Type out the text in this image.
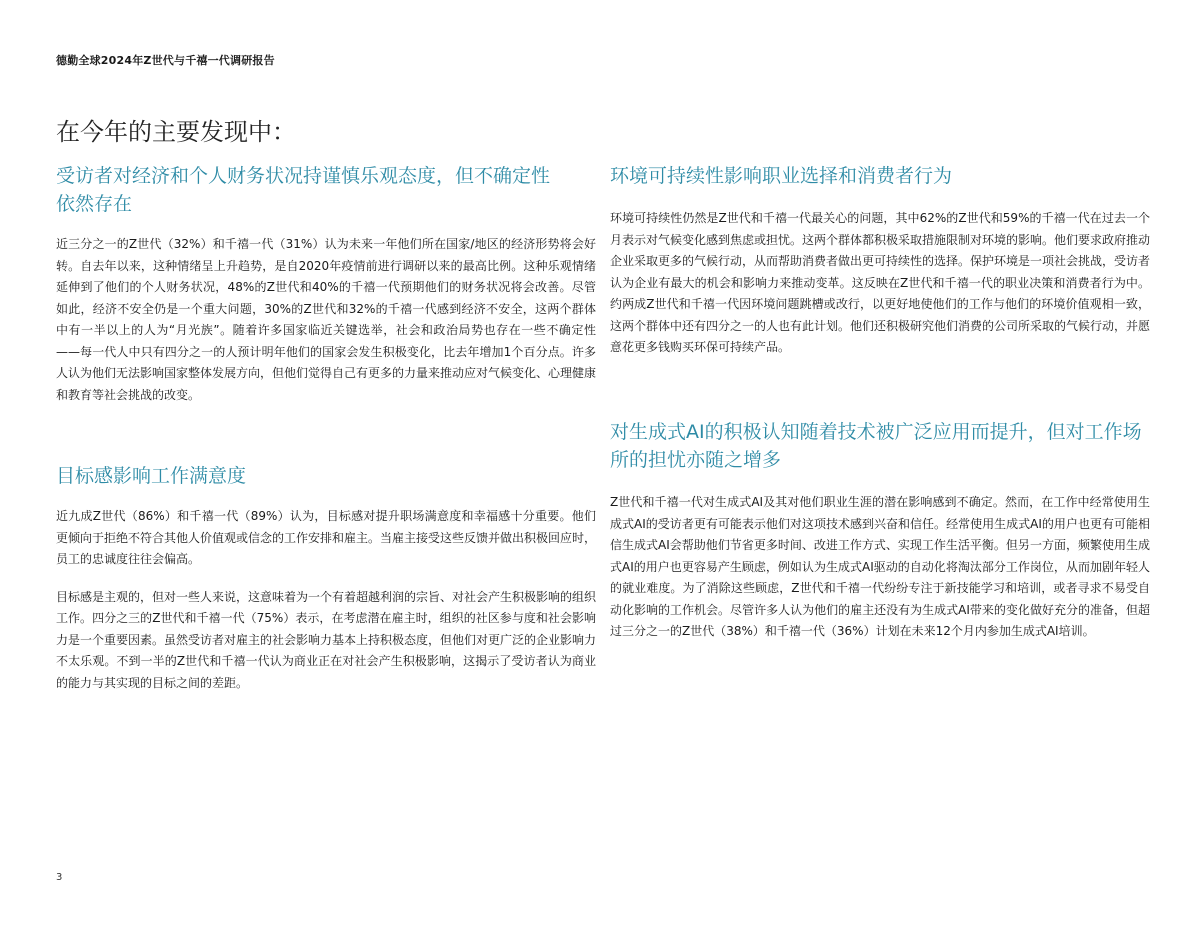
德勤全球2024年Z世代与千禧一代调研报告
在今年的主要发现中：
受访者对经济和个人财务状况持谨慎乐观态度，但不确定性依然存在

近三分之一的Z世代（32%）和千禧一代（31%）认为未来一年他们所在国家/地区的经济形势将会好转。自去年以来，这种情绪呈上升趋势，是自2020年疫情前进行调研以来的最高比例。这种乐观情绪延伸到了他们的个人财务状况，48%的Z世代和40%的千禧一代预期他们的财务状况将会改善。尽管如此，经济不安全仍是一个重大问题，30%的Z世代和32%的千禧一代感到经济不安全，这两个群体中有一半以上的人为“月光族”。随着许多国家临近关键选举，社会和政治局势也存在一些不确定性——每一代人中只有四分之一的人预计明年他们的国家会发生积极变化，比去年增加1个百分点。许多人认为他们无法影响国家整体发展方向，但他们觉得自己有更多的力量来推动应对气候变化、心理健康和教育等社会挑战的改变。

目标感影响工作满意度

近九成Z世代（86%）和千禧一代（89%）认为，目标感对提升职场满意度和幸福感十分重要。他们更倾向于拒绝不符合其他人价值观或信念的工作安排和雇主。当雇主接受这些反馈并做出积极回应时，员工的忠诚度往往会偏高。

目标感是主观的，但对一些人来说，这意味着为一个有着超越利润的宗旨、对社会产生积极影响的组织工作。四分之三的Z世代和千禧一代（75%）表示，在考虑潜在雇主时，组织的社区参与度和社会影响力是一个重要因素。虽然受访者对雇主的社会影响力基本上持积极态度，但他们对更广泛的企业影响力不太乐观。不到一半的Z世代和千禧一代认为商业正在对社会产生积极影响，这揭示了受访者认为商业的能力与其实现的目标之间的差距。

环境可持续性影响职业选择和消费者行为

环境可持续性仍然是Z世代和千禧一代最关心的问题，其中62%的Z世代和59%的千禧一代在过去一个月表示对气候变化感到焦虑或担忧。这两个群体都积极采取措施限制对环境的影响。他们要求政府推动企业采取更多的气候行动，从而帮助消费者做出更可持续性的选择。保护环境是一项社会挑战，受访者认为企业有最大的机会和影响力来推动变革。这反映在Z世代和千禧一代的职业决策和消费者行为中。约两成Z世代和千禧一代因环境问题跳槽或改行，以更好地使他们的工作与他们的环境价值观相一致，这两个群体中还有四分之一的人也有此计划。他们还积极研究他们消费的公司所采取的气候行动，并愿意花更多钱购买环保可持续产品。

对生成式AI的积极认知随着技术被广泛应用而提升，但对工作场所的担忧亦随之增多

Z世代和千禧一代对生成式AI及其对他们职业生涯的潜在影响感到不确定。然而，在工作中经常使用生成式AI的受访者更有可能表示他们对这项技术感到兴奋和信任。经常使用生成式AI的用户也更有可能相信生成式AI会帮助他们节省更多时间、改进工作方式、实现工作生活平衡。但另一方面，频繁使用生成式AI的用户也更容易产生顾虑，例如认为生成式AI驱动的自动化将淘汰部分工作岗位，从而加剧年轻人的就业难度。为了消除这些顾虑，Z世代和千禧一代纷纷专注于新技能学习和培训，或者寻求不易受自动化影响的工作机会。尽管许多人认为他们的雇主还没有为生成式AI带来的变化做好充分的准备，但超过三分之一的Z世代（38%）和千禧一代（36%）计划在未来12个月内参加生成式AI培训。

3
